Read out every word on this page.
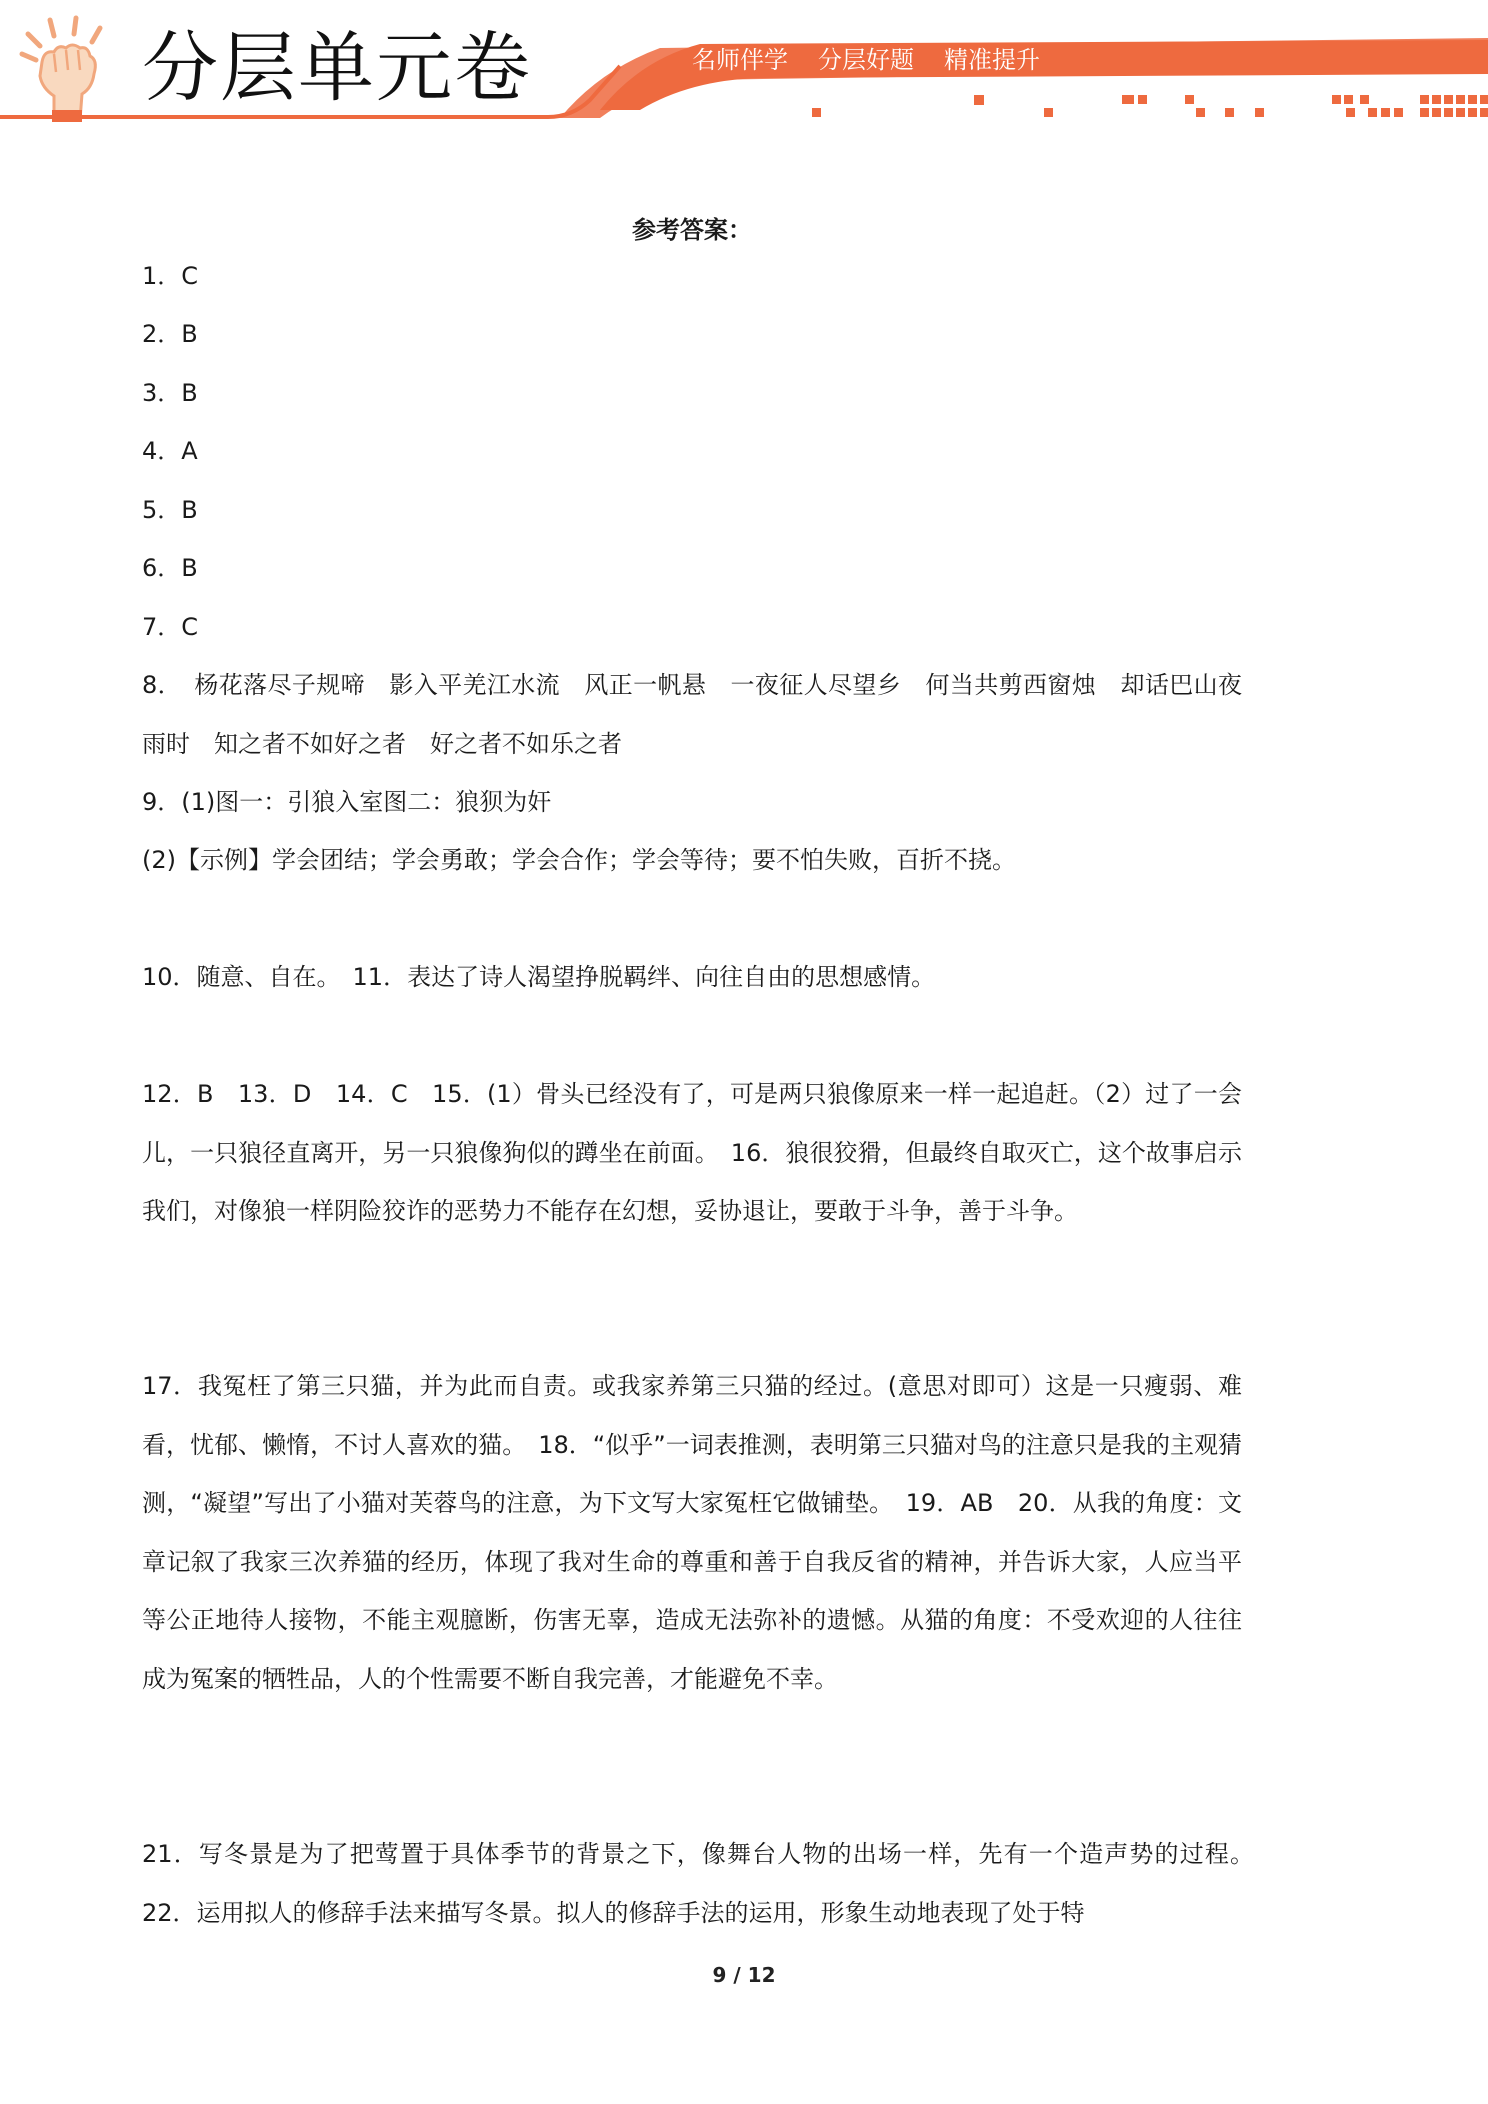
分层单元卷	名师伴学 分层好题 精准提升
参考答案：
1．C
2．B
3．B
4．A
5．B
6．B
7．C
8．　杨花落尽子规啼　影入平羌江水流　风正一帆悬　一夜征人尽望乡　何当共剪西窗烛　却话巴山夜雨时　知之者不如好之者　好之者不如乐之者
9．(1)图一：引狼入室图二：狼狈为奸
(2)【示例】学会团结；学会勇敢；学会合作；学会等待；要不怕失败，百折不挠。
10．随意、自在。　11．表达了诗人渴望挣脱羁绊、向往自由的思想感情。
12．B　13．D　14．C　15．(1）骨头已经没有了，可是两只狼像原来一样一起追赶。（2）过了一会儿，一只狼径直离开，另一只狼像狗似的蹲坐在前面。　16．狼很狡猾，但最终自取灭亡，这个故事启示我们，对像狼一样阴险狡诈的恶势力不能存在幻想，妥协退让，要敢于斗争，善于斗争。
17．我冤枉了第三只猫，并为此而自责。或我家养第三只猫的经过。(意思对即可）这是一只瘦弱、难看，忧郁、懒惰，不讨人喜欢的猫。　18．“似乎”一词表推测，表明第三只猫对鸟的注意只是我的主观猜测，“凝望”写出了小猫对芙蓉鸟的注意，为下文写大家冤枉它做铺垫。　19．AB　20．从我的角度：文章记叙了我家三次养猫的经历，体现了我对生命的尊重和善于自我反省的精神，并告诉大家，人应当平等公正地待人接物，不能主观臆断，伤害无辜，造成无法弥补的遗憾。从猫的角度：不受欢迎的人往往成为冤案的牺牲品，人的个性需要不断自我完善，才能避免不幸。
21．写冬景是为了把莺置于具体季节的背景之下，像舞台人物的出场一样，先有一个造声势的过程。　22．运用拟人的修辞手法来描写冬景。拟人的修辞手法的运用，形象生动地表现了处于特
9 / 12
